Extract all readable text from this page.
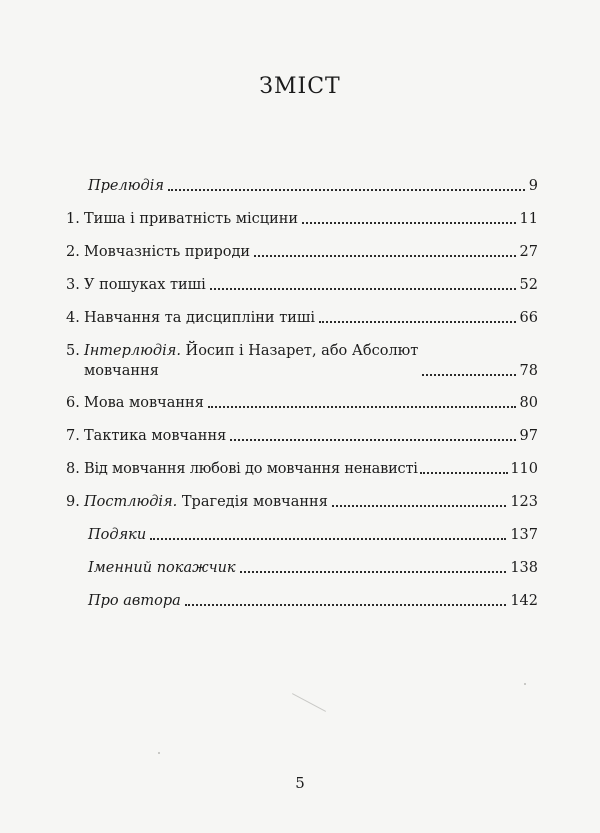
ЗМІСТ
Прелюдія	9
1. Тиша і приватність місцини	11
2. Мовчазність природи	27
3. У пошуках тиші	52
4. Навчання та дисципліни тиші	66
5. Інтерлюдія. Йосип і Назарет, або Абсолют
мовчання	78
6. Мова мовчання	80
7. Тактика мовчання	97
8. Від мовчання любові до мовчання ненависті	110
9. Постлюдія. Трагедія мовчання	123
Подяки	137
Іменний покажчик	138
Про автора	142
5
